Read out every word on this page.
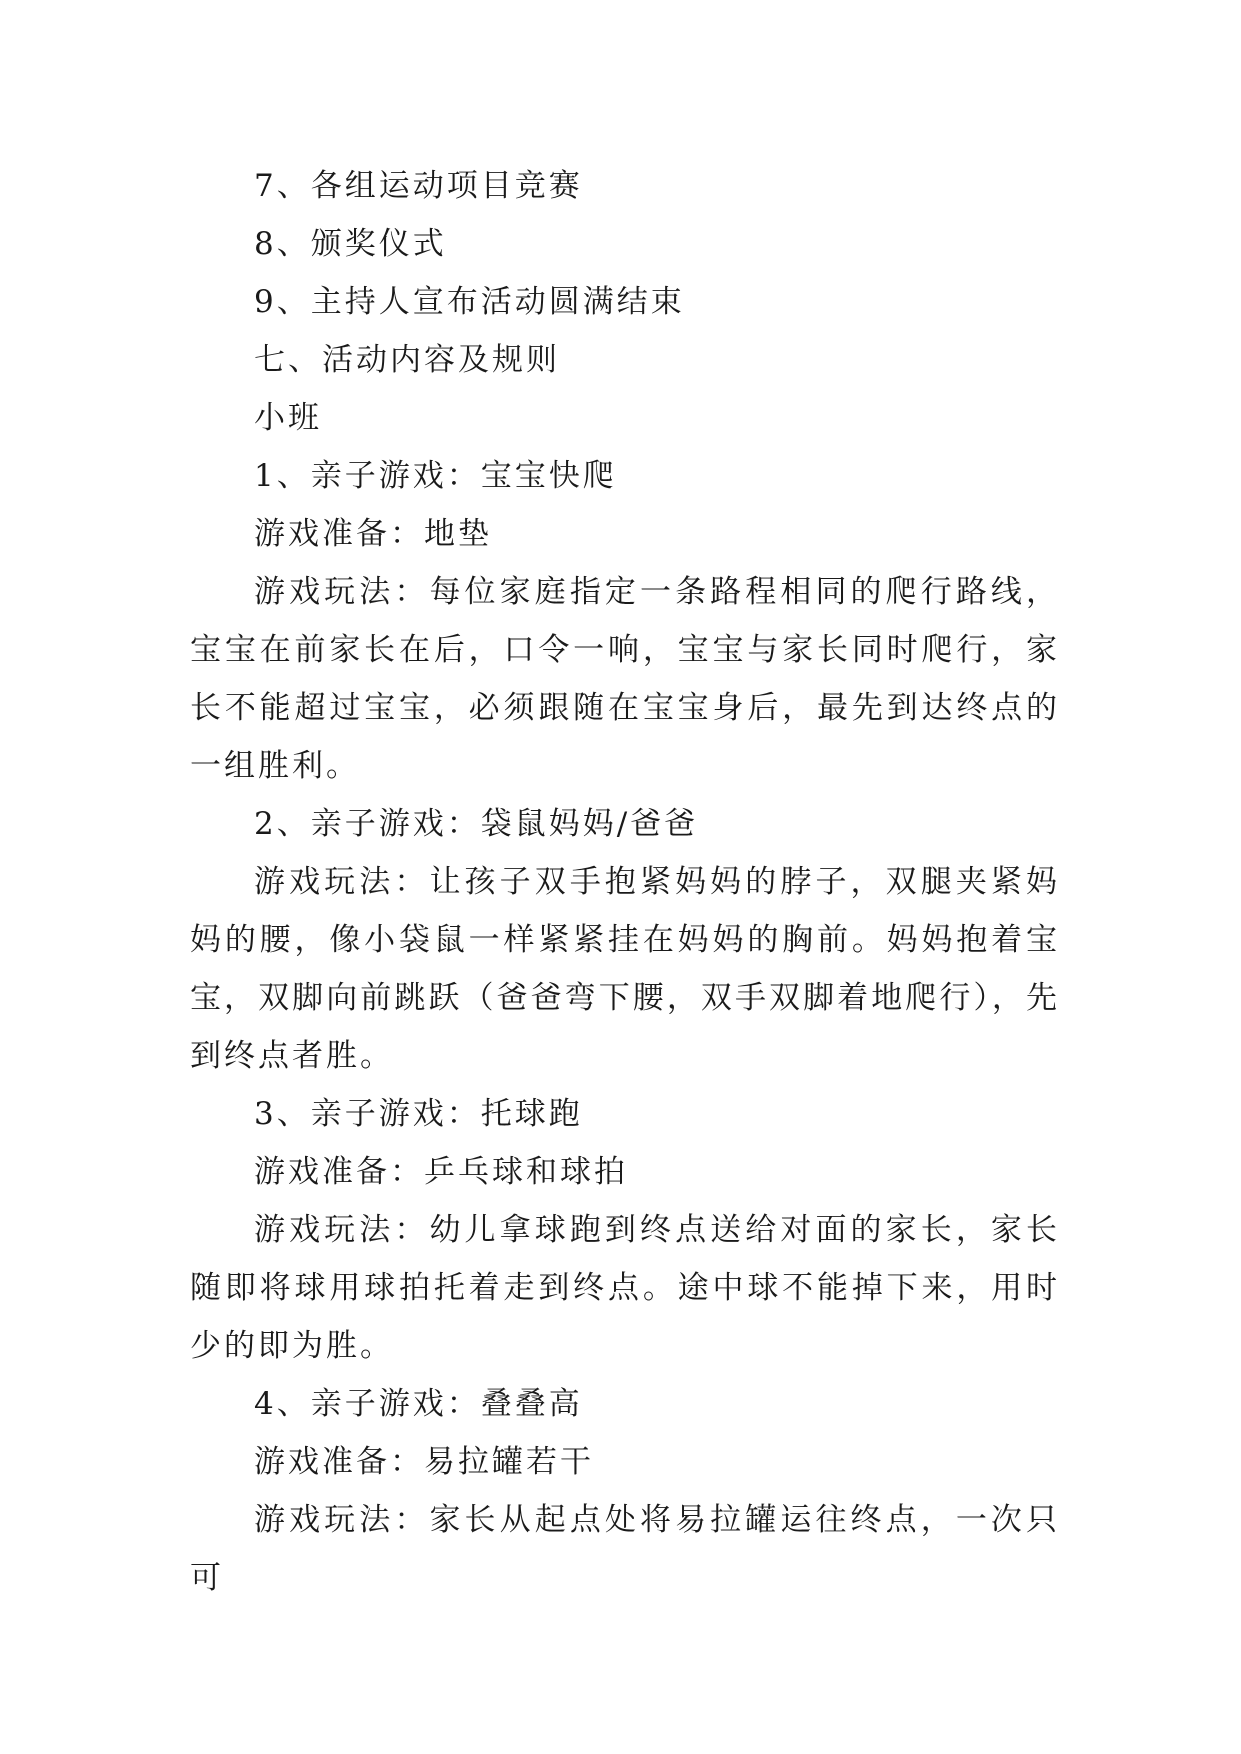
7、各组运动项目竞赛

8、颁奖仪式

9、主持人宣布活动圆满结束

七、活动内容及规则

小班

1、亲子游戏：宝宝快爬

游戏准备：地垫

游戏玩法：每位家庭指定一条路程相同的爬行路线，宝宝在前家长在后，口令一响，宝宝与家长同时爬行，家长不能超过宝宝，必须跟随在宝宝身后，最先到达终点的一组胜利。

2、亲子游戏：袋鼠妈妈/爸爸

游戏玩法：让孩子双手抱紧妈妈的脖子，双腿夹紧妈妈的腰，像小袋鼠一样紧紧挂在妈妈的胸前。妈妈抱着宝宝，双脚向前跳跃（爸爸弯下腰，双手双脚着地爬行），先到终点者胜。

3、亲子游戏：托球跑

游戏准备：乒乓球和球拍

游戏玩法：幼儿拿球跑到终点送给对面的家长，家长随即将球用球拍托着走到终点。途中球不能掉下来，用时少的即为胜。

4、亲子游戏：叠叠高

游戏准备：易拉罐若干

游戏玩法：家长从起点处将易拉罐运往终点，一次只可
